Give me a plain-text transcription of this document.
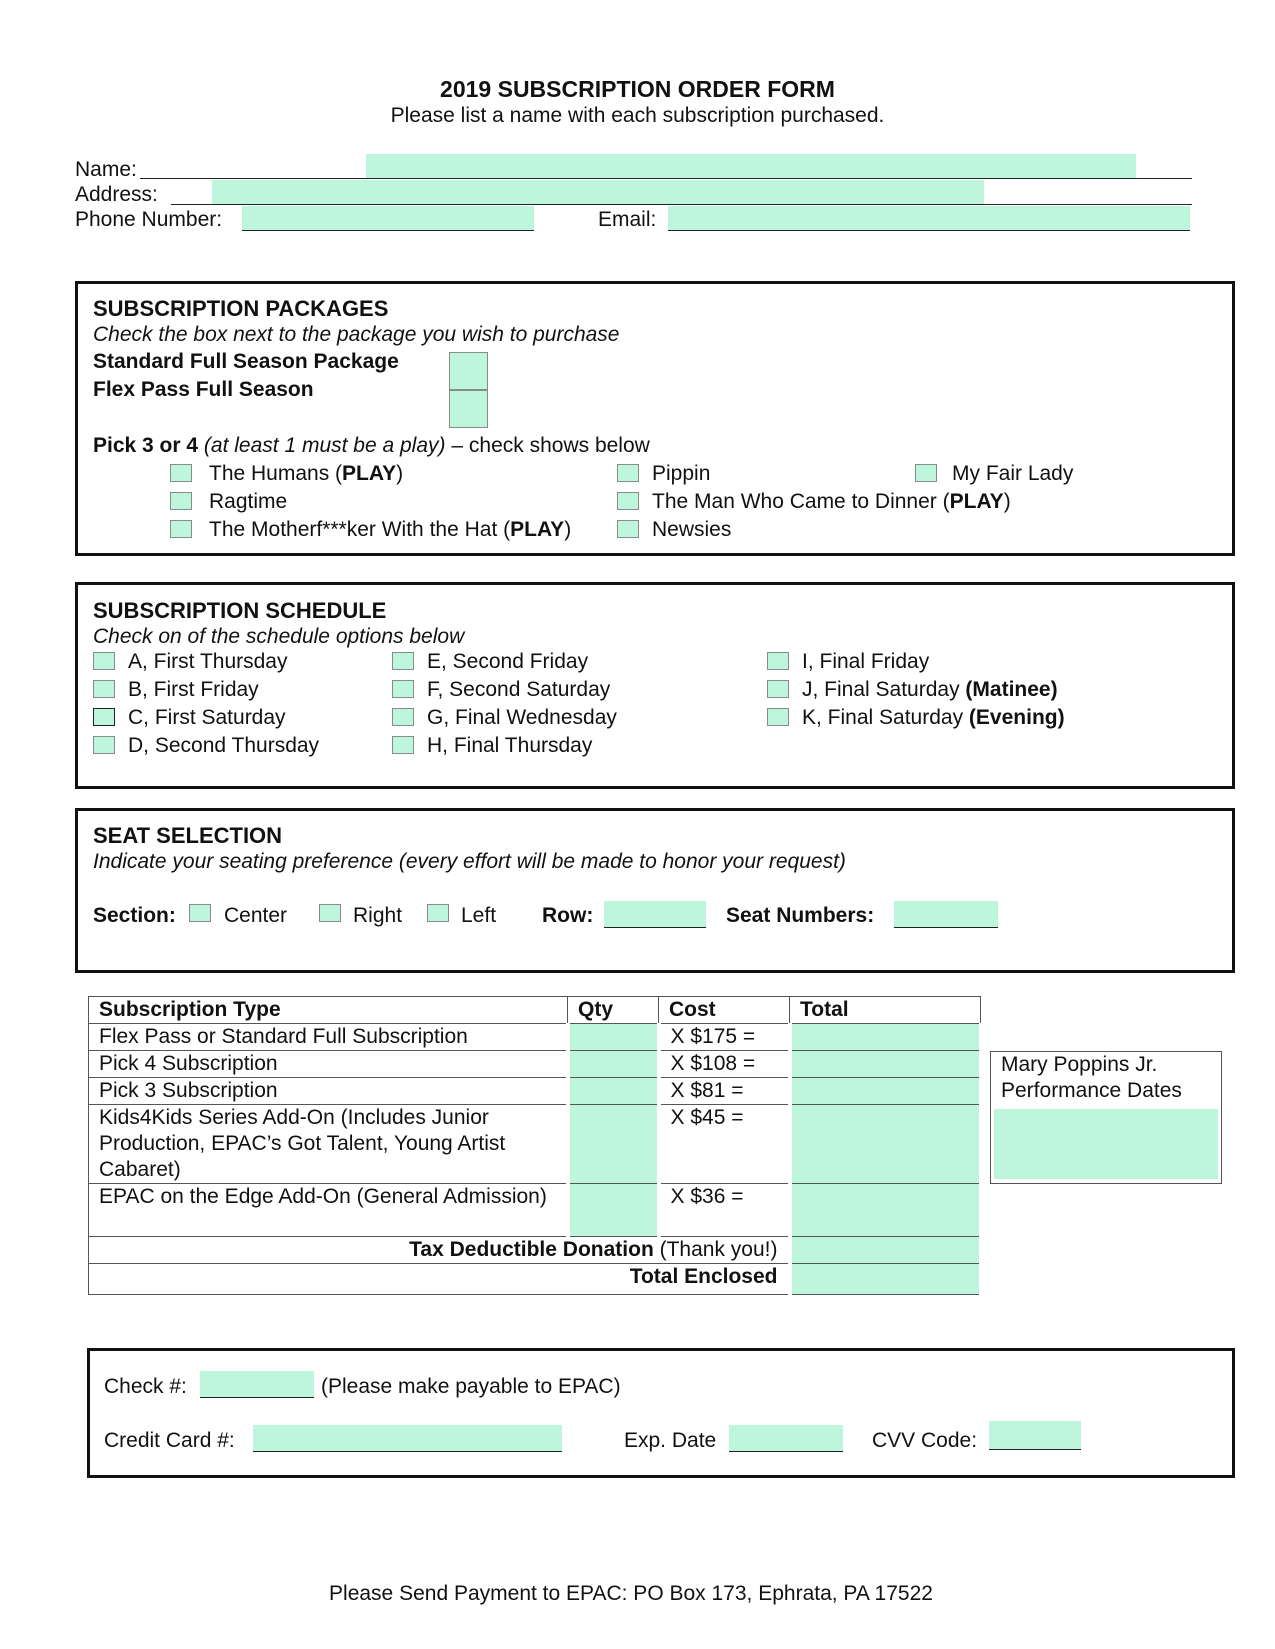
2019 SUBSCRIPTION ORDER FORM
Please list a name with each subscription purchased.
Name:
Address:
Phone Number:	Email:
SUBSCRIPTION PACKAGES
Check the box next to the package you wish to purchase
Standard Full Season Package
Flex Pass Full Season
Pick 3 or 4 (at least 1 must be a play) – check shows below
The Humans (PLAY)
Ragtime
The Motherf***ker With the Hat (PLAY)
Pippin
The Man Who Came to Dinner (PLAY)
Newsies
My Fair Lady
SUBSCRIPTION SCHEDULE
Check on of the schedule options below
A, First Thursday
B, First Friday
C, First Saturday
D, Second Thursday
E, Second Friday
F, Second Saturday
G, Final Wednesday
H, Final Thursday
I, Final Friday
J, Final Saturday (Matinee)
K, Final Saturday (Evening)
SEAT SELECTION
Indicate your seating preference (every effort will be made to honor your request)
Section: Center	Right	Left Row:	Seat Numbers:
Subscription Type	Qty	Cost	Total
Flex Pass or Standard Full Subscription		X $175 =	
Pick 4 Subscription		X $108 =	
Pick 3 Subscription		X $81 =	
Kids4Kids Series Add-On (Includes Junior Production, EPAC’s Got Talent, Young Artist Cabaret)		X $45 =	
EPAC on the Edge Add-On (General Admission)		X $36 =	
Tax Deductible Donation (Thank you!)			
Total Enclosed			
Mary Poppins Jr. Performance Dates
Check #:	(Please make payable to EPAC)
Credit Card #:	Exp. Date	CVV Code:
Please Send Payment to EPAC: PO Box 173, Ephrata, PA 17522
